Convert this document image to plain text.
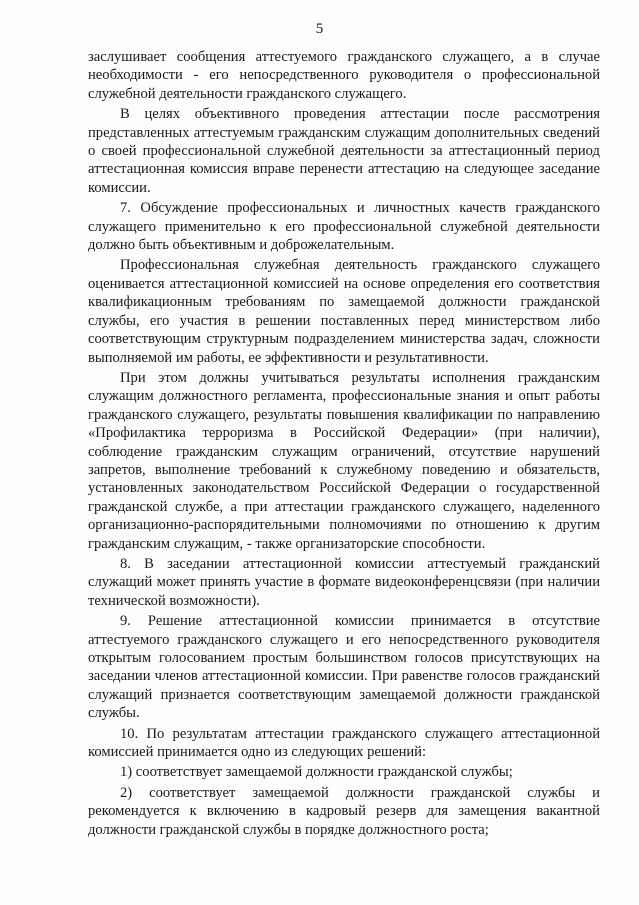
5

заслушивает сообщения аттестуемого гражданского служащего, а в случае необходимости - его непосредственного руководителя о профессиональной служебной деятельности гражданского служащего.

В целях объективного проведения аттестации после рассмотрения представленных аттестуемым гражданским служащим дополнительных сведений о своей профессиональной служебной деятельности за аттестационный период аттестационная комиссия вправе перенести аттестацию на следующее заседание комиссии.

7. Обсуждение профессиональных и личностных качеств гражданского служащего применительно к его профессиональной служебной деятельности должно быть объективным и доброжелательным.

Профессиональная служебная деятельность гражданского служащего оценивается аттестационной комиссией на основе определения его соответствия квалификационным требованиям по замещаемой должности гражданской службы, его участия в решении поставленных перед министерством либо соответствующим структурным подразделением министерства задач, сложности выполняемой им работы, ее эффективности и результативности.

При этом должны учитываться результаты исполнения гражданским служащим должностного регламента, профессиональные знания и опыт работы гражданского служащего, результаты повышения квалификации по направлению «Профилактика терроризма в Российской Федерации» (при наличии), соблюдение гражданским служащим ограничений, отсутствие нарушений запретов, выполнение требований к служебному поведению и обязательств, установленных законодательством Российской Федерации о государственной гражданской службе, а при аттестации гражданского служащего, наделенного организационно-распорядительными полномочиями по отношению к другим гражданским служащим, - также организаторские способности.

8. В заседании аттестационной комиссии аттестуемый гражданский служащий может принять участие в формате видеоконференцсвязи (при наличии технической возможности).

9. Решение аттестационной комиссии принимается в отсутствие аттестуемого гражданского служащего и его непосредственного руководителя открытым голосованием простым большинством голосов присутствующих на заседании членов аттестационной комиссии. При равенстве голосов гражданский служащий признается соответствующим замещаемой должности гражданской службы.

10. По результатам аттестации гражданского служащего аттестационной комиссией принимается одно из следующих решений:

1) соответствует замещаемой должности гражданской службы;

2) соответствует замещаемой должности гражданской службы и рекомендуется к включению в кадровый резерв для замещения вакантной должности гражданской службы в порядке должностного роста;
